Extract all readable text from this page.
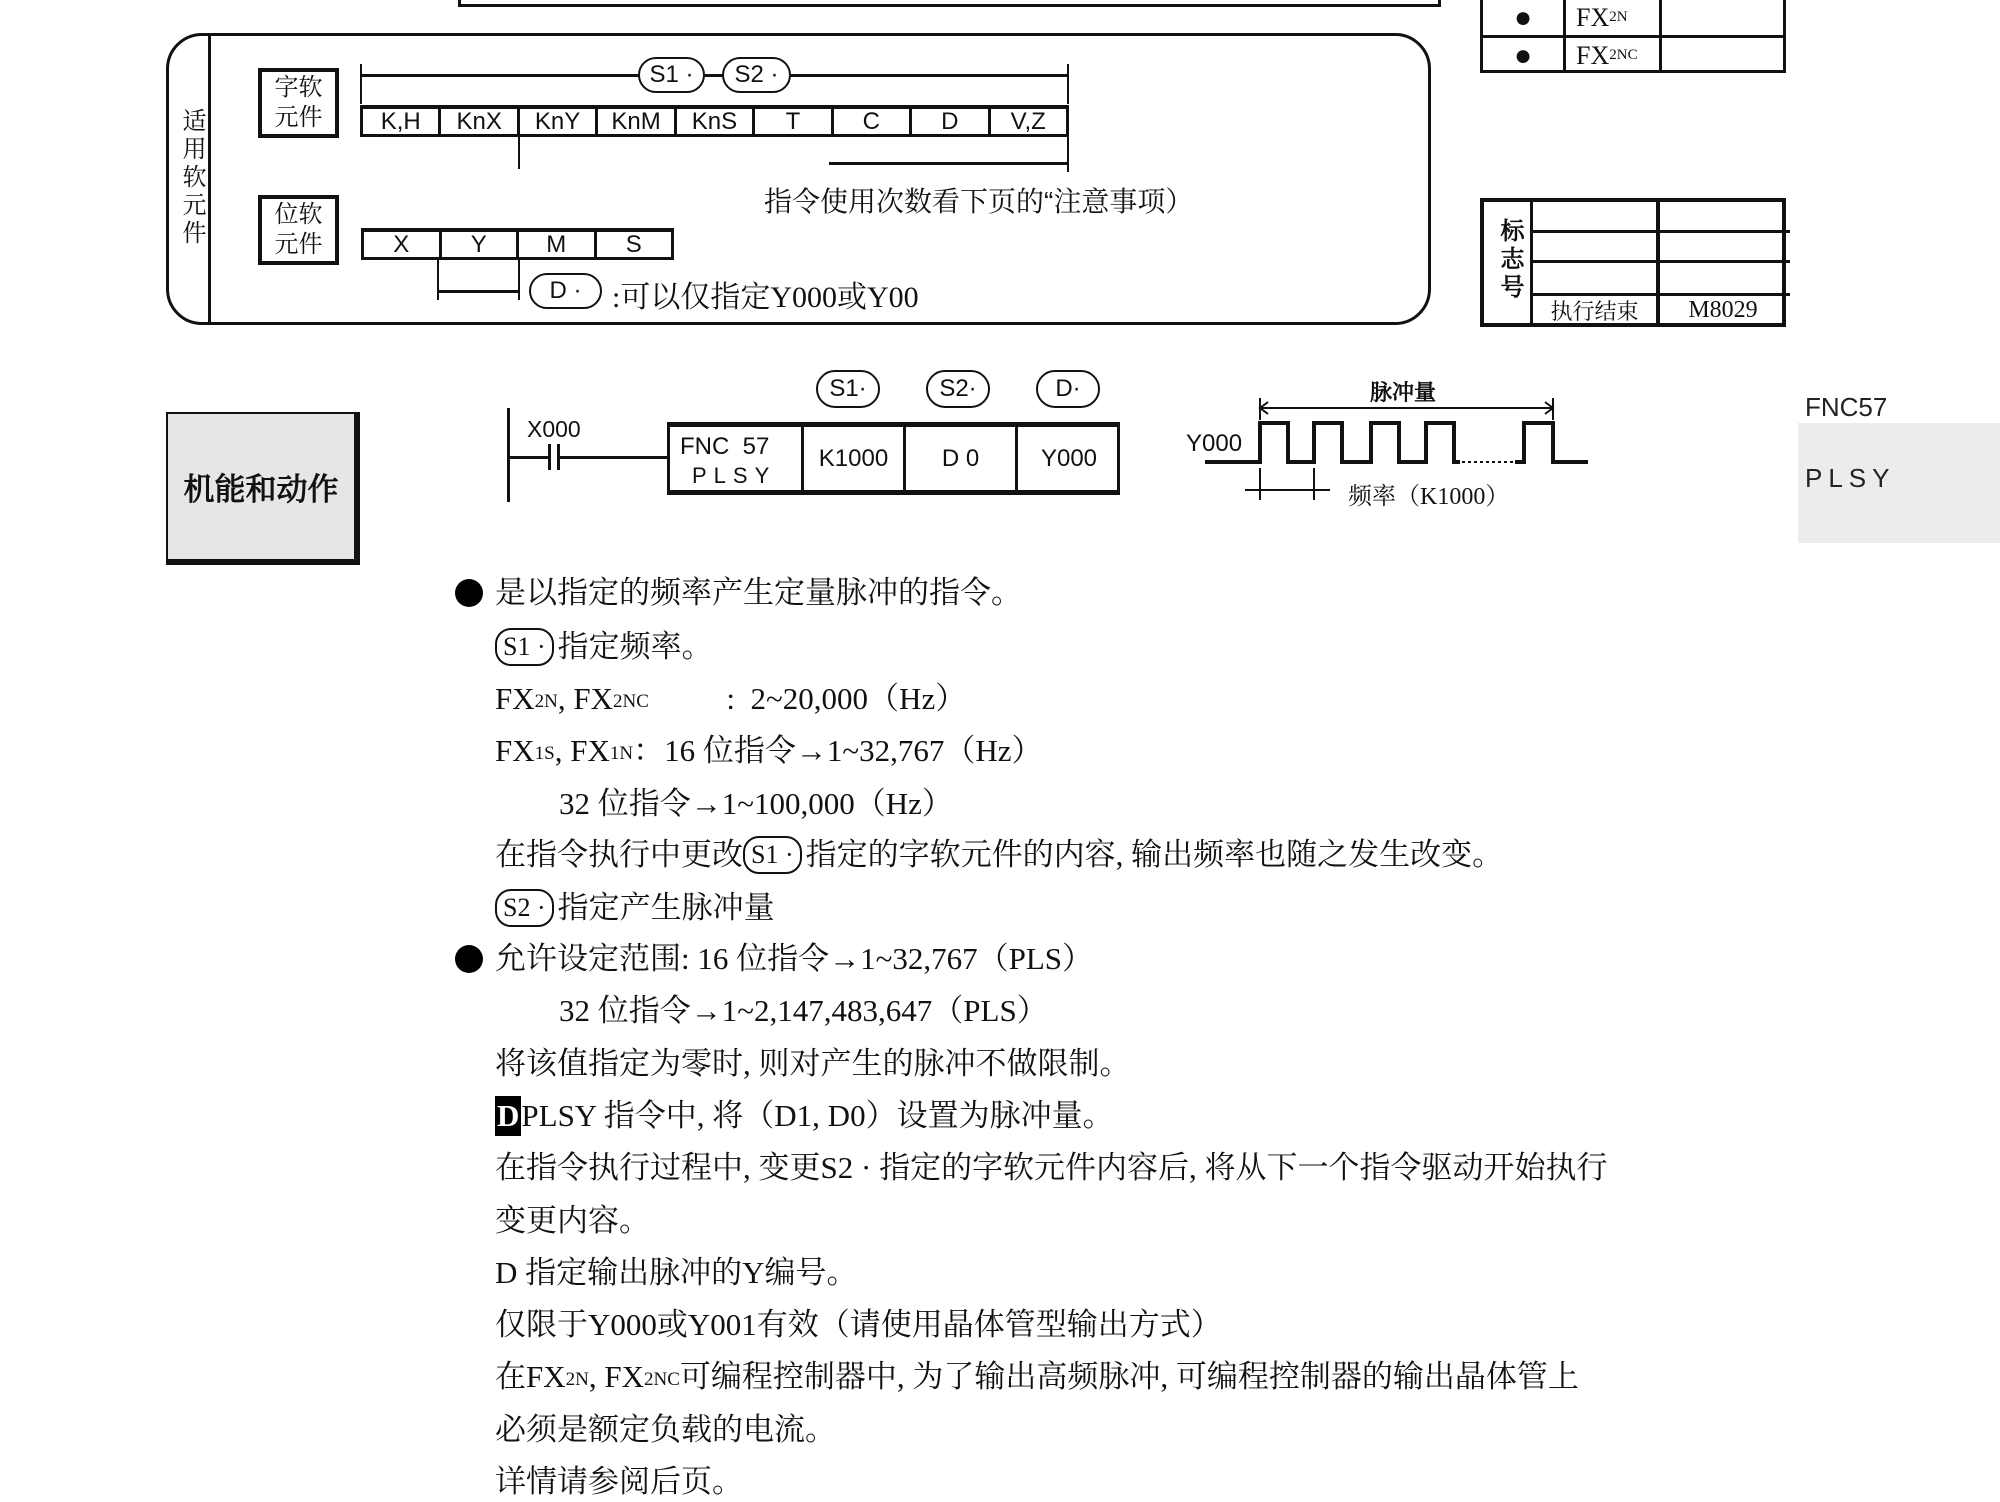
●	FX 2N
●	FX 2NC
适用软元件
字软元件	K,H	KnX	KnY	KnM	KnS	T	C	D	V,Z
S1 ·	S2 ·
指令使用次数看下页的“注意事项）
位软元件	X	Y	M	S
D ·	:可以仅指定Y000或Y00	标志号
执行结束	M8029
机能和动作
X000
FNC  57
PLSY
K1000	D 0	Y000
S1·	S2·	D·
Y000
脉冲量
频率（K1000）
FNC57
PLSY
是以指定的频率产生定量脉冲的指令。
S1 · 指定频率。
$FX_{2N}$ , $FX_{2NC}$ :  2~20,000（Hz）
$FX_{1S}$ , $FX_{1N}$ ：16 位指令→1~32,767（Hz）
32 位指令→1~100,000（Hz）
在指令执行中更改 S1 · 指定的字软元件的内容, 输出频率也随之发生改变。
S2 · 指定产生脉冲量
允许设定范围: 16 位指令→1~32,767（PLS）
32 位指令→1~2,147,483,647（PLS）
将该值指定为零时, 则对产生的脉冲不做限制。
D PLSY 指令中, 将（D1, D0）设置为脉冲量。
在指令执行过程中, 变更S2 · 指定的字软元件内容后, 将从下一个指令驱动开始执行
变更内容。
D 指定输出脉冲的Y编号。
仅限于Y000或Y001有效（请使用晶体管型输出方式）
在$FX_{2N}$ , $FX_{2NC}$ 可编程控制器中, 为了输出高频脉冲, 可编程控制器的输出晶体管上
必须是额定负载的电流。
详情请参阅后页。
